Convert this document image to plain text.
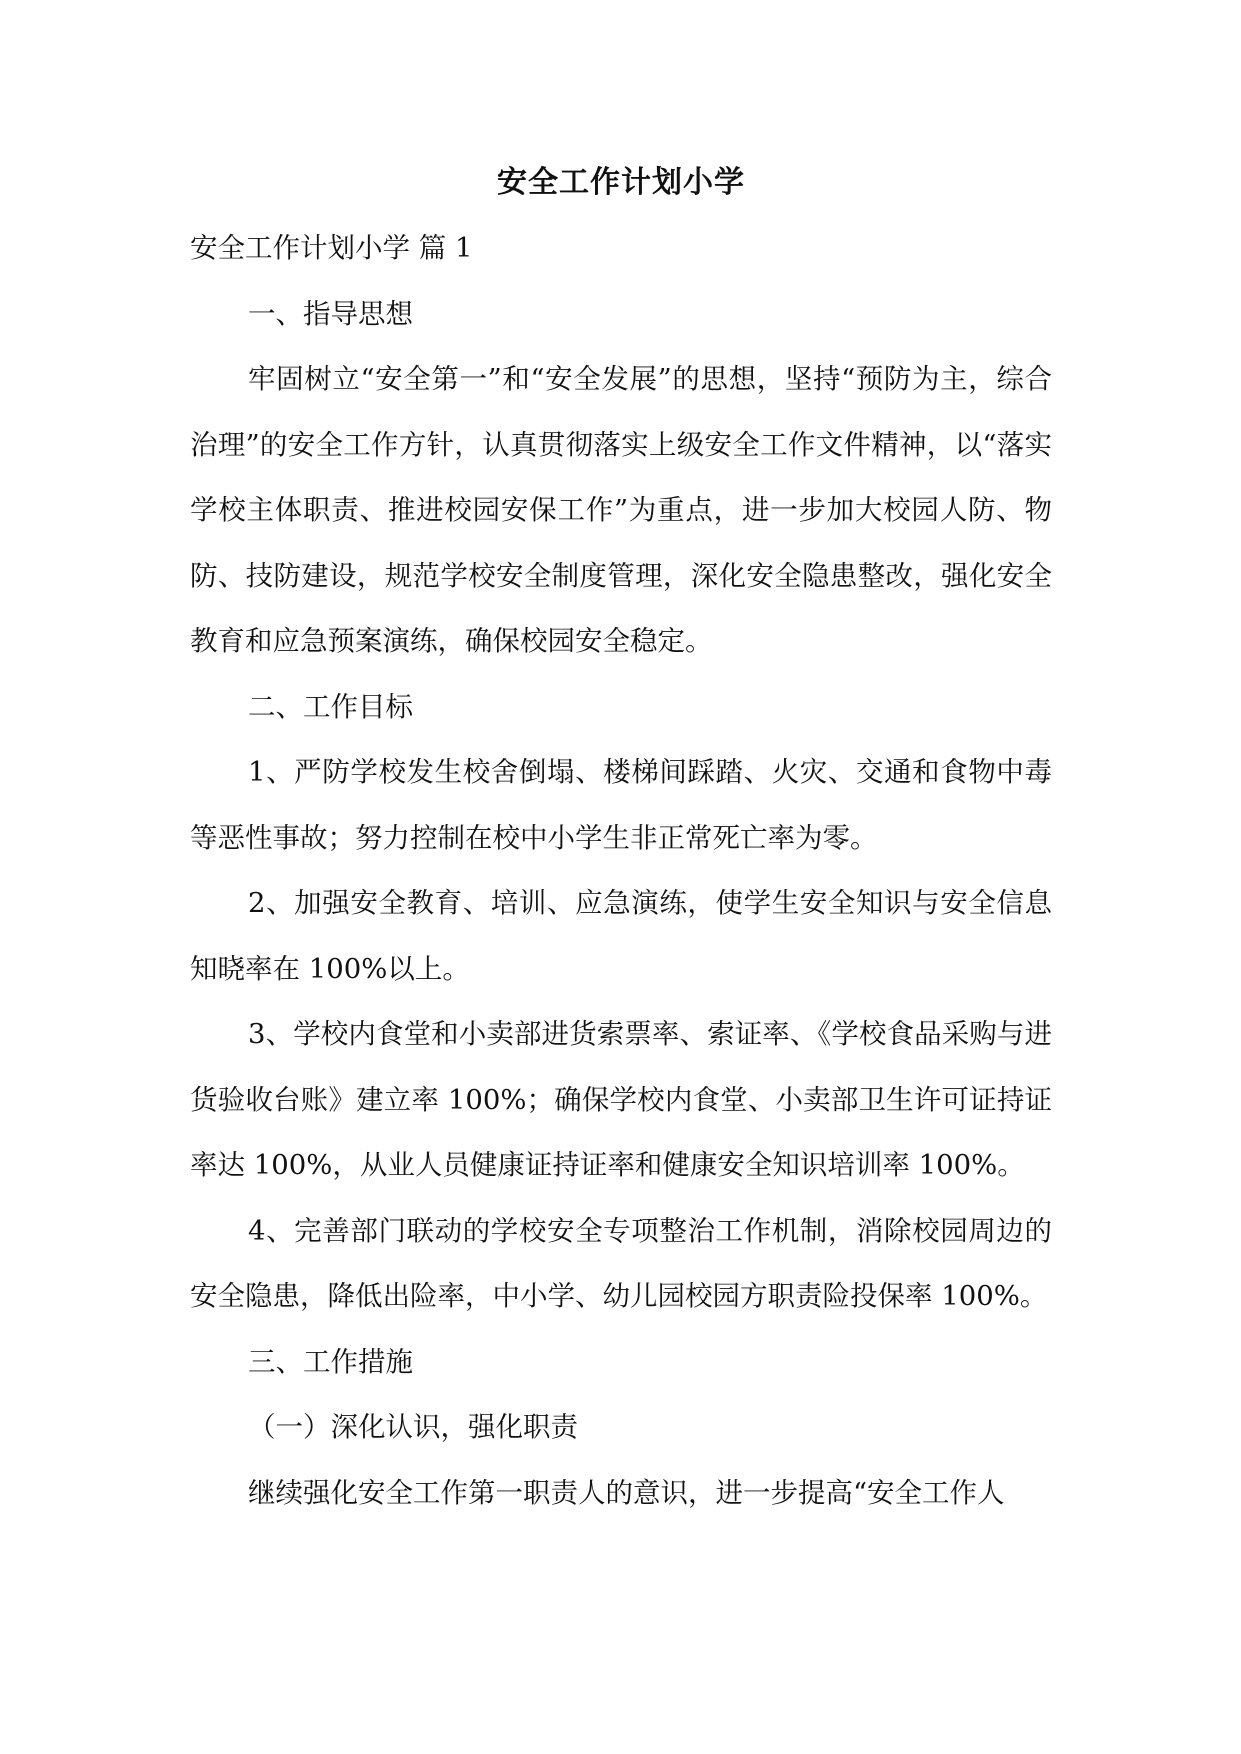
安全工作计划小学

安全工作计划小学 篇 1

一、指导思想

牢固树立“安全第一”和“安全发展”的思想，坚持“预防为主，综合治理”的安全工作方针，认真贯彻落实上级安全工作文件精神，以“落实学校主体职责、推进校园安保工作”为重点，进一步加大校园人防、物防、技防建设，规范学校安全制度管理，深化安全隐患整改，强化安全教育和应急预案演练，确保校园安全稳定。

二、工作目标

1、严防学校发生校舍倒塌、楼梯间踩踏、火灾、交通和食物中毒等恶性事故；努力控制在校中小学生非正常死亡率为零。

2、加强安全教育、培训、应急演练，使学生安全知识与安全信息知晓率在 100%以上。

3、学校内食堂和小卖部进货索票率、索证率、《学校食品采购与进货验收台账》建立率 100%；确保学校内食堂、小卖部卫生许可证持证率达 100%，从业人员健康证持证率和健康安全知识培训率 100%。

4、完善部门联动的学校安全专项整治工作机制，消除校园周边的安全隐患，降低出险率，中小学、幼儿园校园方职责险投保率 100%。

三、工作措施

（一）深化认识，强化职责

继续强化安全工作第一职责人的意识，进一步提高“安全工作人
